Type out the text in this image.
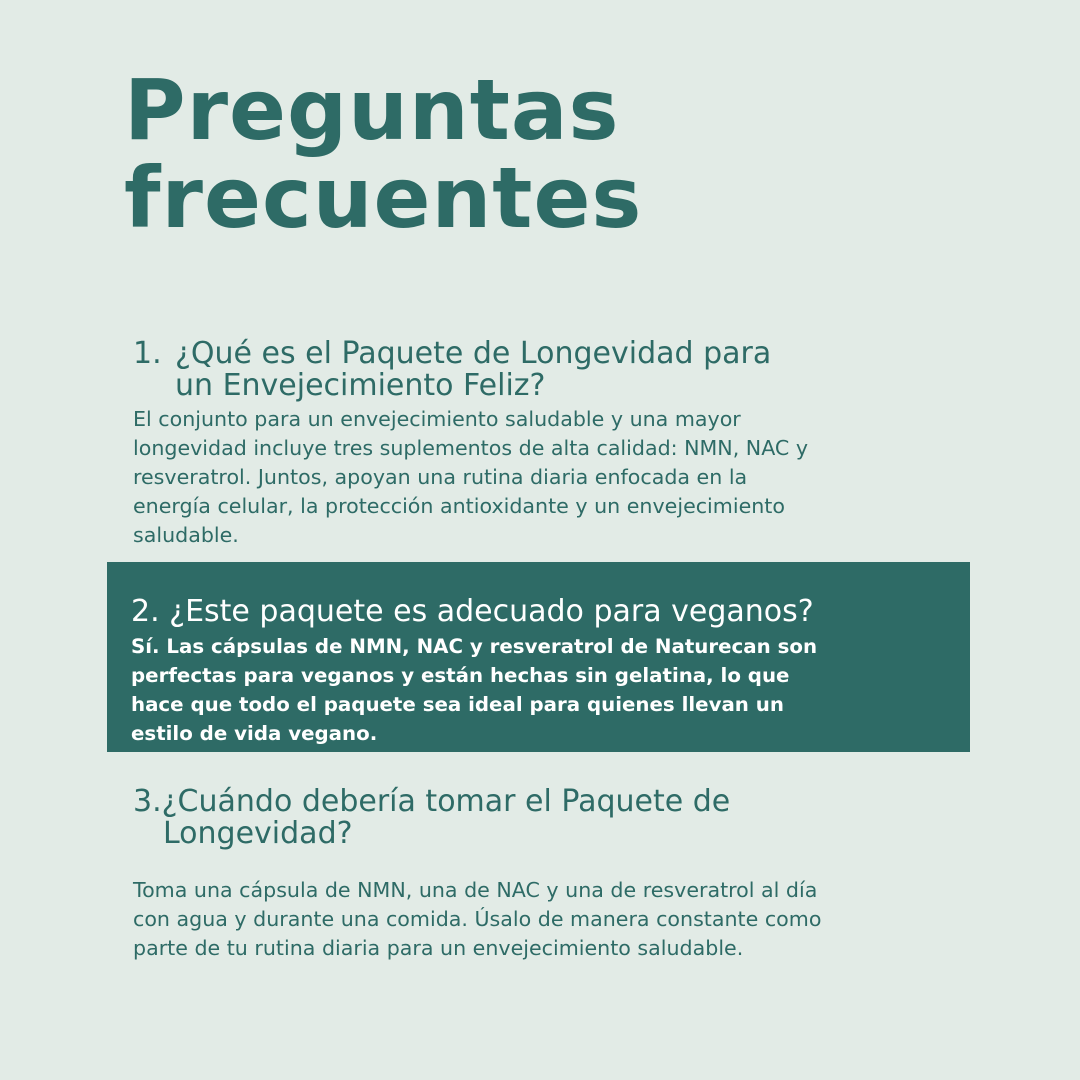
Preguntas
frecuentes
1. ¿Qué es el Paquete de Longevidad para
un Envejecimiento Feliz?
El conjunto para un envejecimiento saludable y una mayor
longevidad incluye tres suplementos de alta calidad: NMN, NAC y
resveratrol. Juntos, apoyan una rutina diaria enfocada en la
energía celular, la protección antioxidante y un envejecimiento
saludable.
2. ¿Este paquete es adecuado para veganos?
Sí. Las cápsulas de NMN, NAC y resveratrol de Naturecan son
perfectas para veganos y están hechas sin gelatina, lo que
hace que todo el paquete sea ideal para quienes llevan un
estilo de vida vegano.
3.¿Cuándo debería tomar el Paquete de
Longevidad?
Toma una cápsula de NMN, una de NAC y una de resveratrol al día
con agua y durante una comida. Úsalo de manera constante como
parte de tu rutina diaria para un envejecimiento saludable.
